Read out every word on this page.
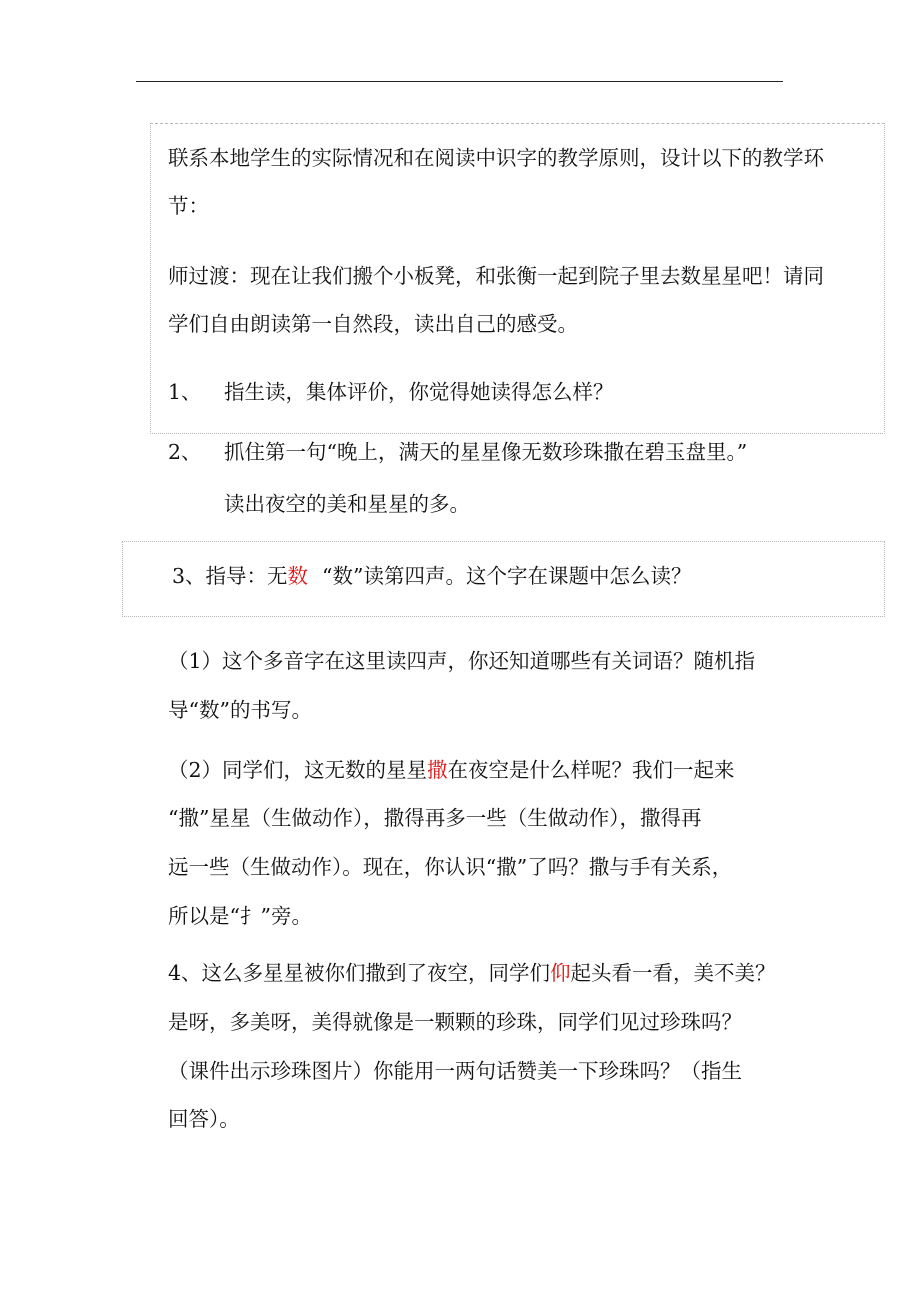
联系本地学生的实际情况和在阅读中识字的教学原则，设计以下的教学环
节：
师过渡：现在让我们搬个小板凳，和张衡一起到院子里去数星星吧！请同
学们自由朗读第一自然段，读出自己的感受。
1、 指生读，集体评价，你觉得她读得怎么样？
2、 抓住第一句“晚上，满天的星星像无数珍珠撒在碧玉盘里。”
读出夜空的美和星星的多。
3、指导：无数 “数”读第四声。这个字在课题中怎么读？
（1）这个多音字在这里读四声，你还知道哪些有关词语？随机指
导“数”的书写。
（2）同学们，这无数的星星撒在夜空是什么样呢？我们一起来
“撒”星星（生做动作），撒得再多一些（生做动作），撒得再
远一些（生做动作）。现在，你认识“撒”了吗？撒与手有关系，
所以是“扌”旁。
4、这么多星星被你们撒到了夜空，同学们仰起头看一看，美不美？
是呀，多美呀，美得就像是一颗颗的珍珠，同学们见过珍珠吗？
（课件出示珍珠图片）你能用一两句话赞美一下珍珠吗？（指生
回答）。
